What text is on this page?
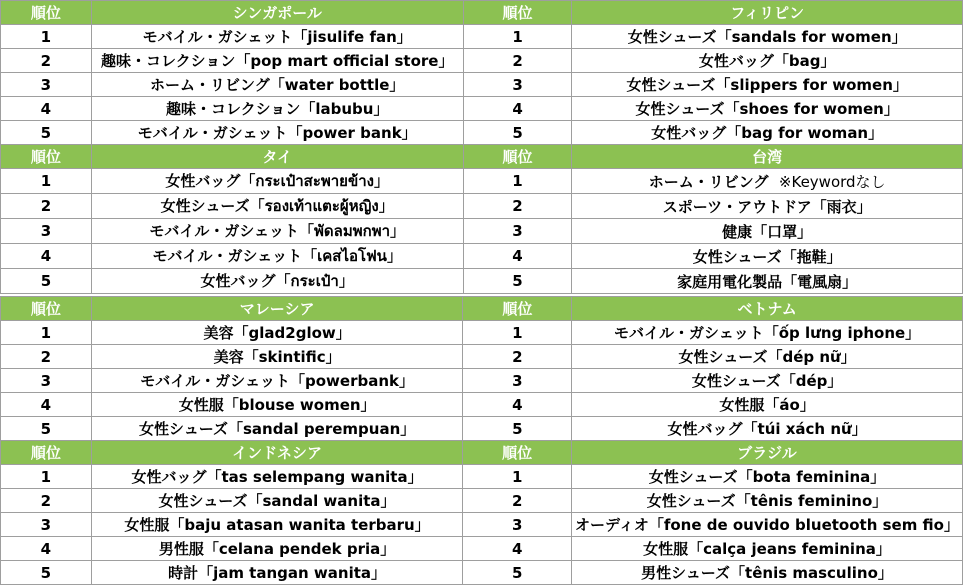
順位	シンガポール	順位	フィリピン
1	モバイル・ガシェット「jisulife fan」	1	女性シューズ「sandals for women」
2	趣味・コレクション「pop mart official store」	2	女性バッグ「bag」
3	ホーム・リビング「water bottle」	3	女性シューズ「slippers for women」
4	趣味・コレクション「labubu」	4	女性シューズ「shoes for women」
5	モバイル・ガシェット「power bank」	5	女性バッグ「bag for woman」
順位	タイ	順位	台湾
1	女性バッグ「กระเป๋าสะพายข้าง」	1	ホーム・リビング ※Keywordなし
2	女性シューズ「รองเท้าแตะผู้หญิง」	2	スポーツ・アウトドア「雨衣」
3	モバイル・ガシェット「พัดลมพกพา」	3	健康「口罩」
4	モバイル・ガシェット「เคสไอโฟน」	4	女性シューズ「拖鞋」
5	女性バッグ「กระเป๋า」	5	家庭用電化製品「電風扇」
順位	マレーシア	順位	ベトナム
1	美容「glad2glow」	1	モバイル・ガシェット「ốp lưng iphone」
2	美容「skintific」	2	女性シューズ「dép nữ」
3	モバイル・ガシェット「powerbank」	3	女性シューズ「dép」
4	女性服「blouse women」	4	女性服「áo」
5	女性シューズ「sandal perempuan」	5	女性バッグ「túi xách nữ」
順位	インドネシア	順位	ブラジル
1	女性バッグ「tas selempang wanita」	1	女性シューズ「bota feminina」
2	女性シューズ「sandal wanita」	2	女性シューズ「tênis feminino」
3	女性服「baju atasan wanita terbaru」	3	オーディオ「fone de ouvido bluetooth sem fio」
4	男性服「celana pendek pria」	4	女性服「calça jeans feminina」
5	時計「jam tangan wanita」	5	男性シューズ「tênis masculino」
